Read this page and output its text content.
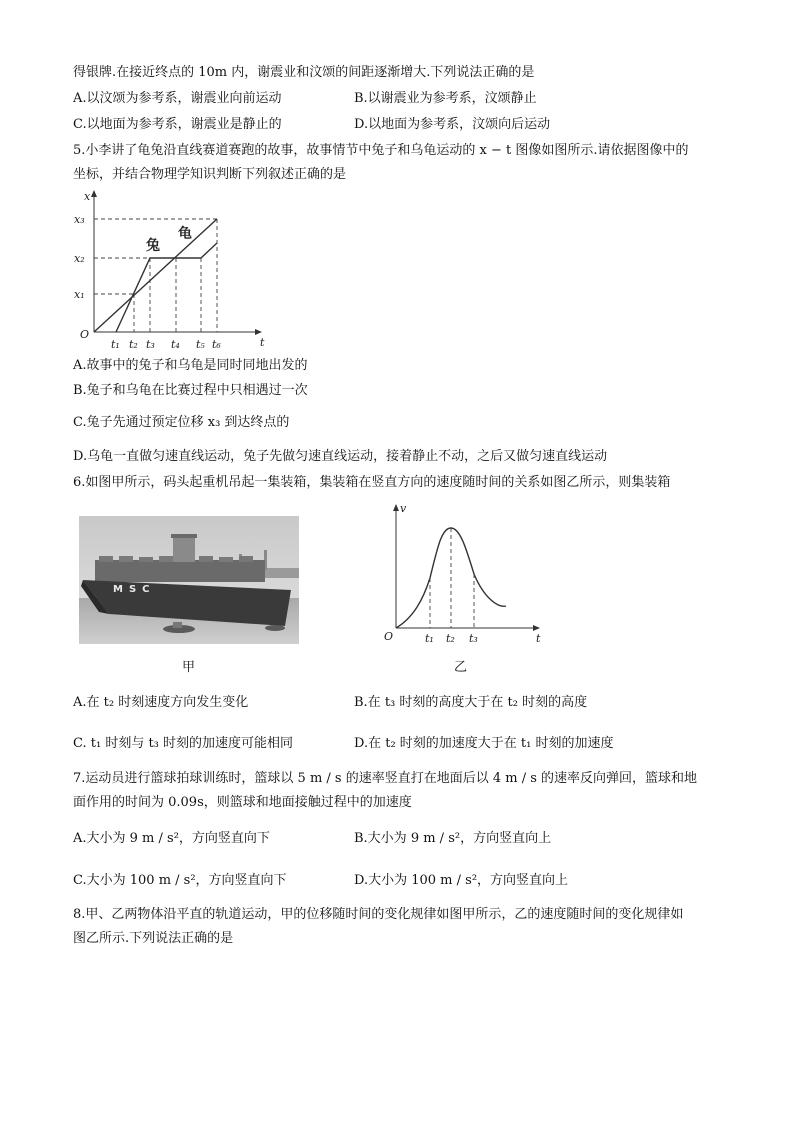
得银牌.在接近终点的 10m 内，谢震业和汶颂的间距逐渐增大.下列说法正确的是
A.以汶颂为参考系，谢震业向前运动	B.以谢震业为参考系，汶颂静止
C.以地面为参考系，谢震业是静止的	D.以地面为参考系，汶颂向后运动
5.小李讲了龟兔沿直线赛道赛跑的故事，故事情节中兔子和乌龟运动的 x − t 图像如图所示.请依据图像中的
坐标，并结合物理学知识判断下列叙述正确的是
x
t
O
x₃
x₂
x₁
t₁ t₂ t₃ t₄ t₅ t₆
兔
龟
A.故事中的兔子和乌龟是同时同地出发的
B.兔子和乌龟在比赛过程中只相遇过一次
C.兔子先通过预定位移 x₃ 到达终点的
D.乌龟一直做匀速直线运动，兔子先做匀速直线运动，接着静止不动，之后又做匀速直线运动
6.如图甲所示，码头起重机吊起一集装箱，集装箱在竖直方向的速度随时间的关系如图乙所示，则集装箱
MSC
v
t
O	t₁ t₂ t₃
甲	乙
A.在 t₂ 时刻速度方向发生变化	B.在 t₃ 时刻的高度大于在 t₂ 时刻的高度
C. t₁ 时刻与 t₃ 时刻的加速度可能相同	D.在 t₂ 时刻的加速度大于在 t₁ 时刻的加速度
7.运动员进行篮球拍球训练时，篮球以 5 m / s 的速率竖直打在地面后以 4 m / s 的速率反向弹回，篮球和地
面作用的时间为 0.09s，则篮球和地面接触过程中的加速度
A.大小为 9 m / s²，方向竖直向下	B.大小为 9 m / s²，方向竖直向上
C.大小为 100 m / s²，方向竖直向下	D.大小为 100 m / s²，方向竖直向上
8.甲、乙两物体沿平直的轨道运动，甲的位移随时间的变化规律如图甲所示，乙的速度随时间的变化规律如
图乙所示.下列说法正确的是
